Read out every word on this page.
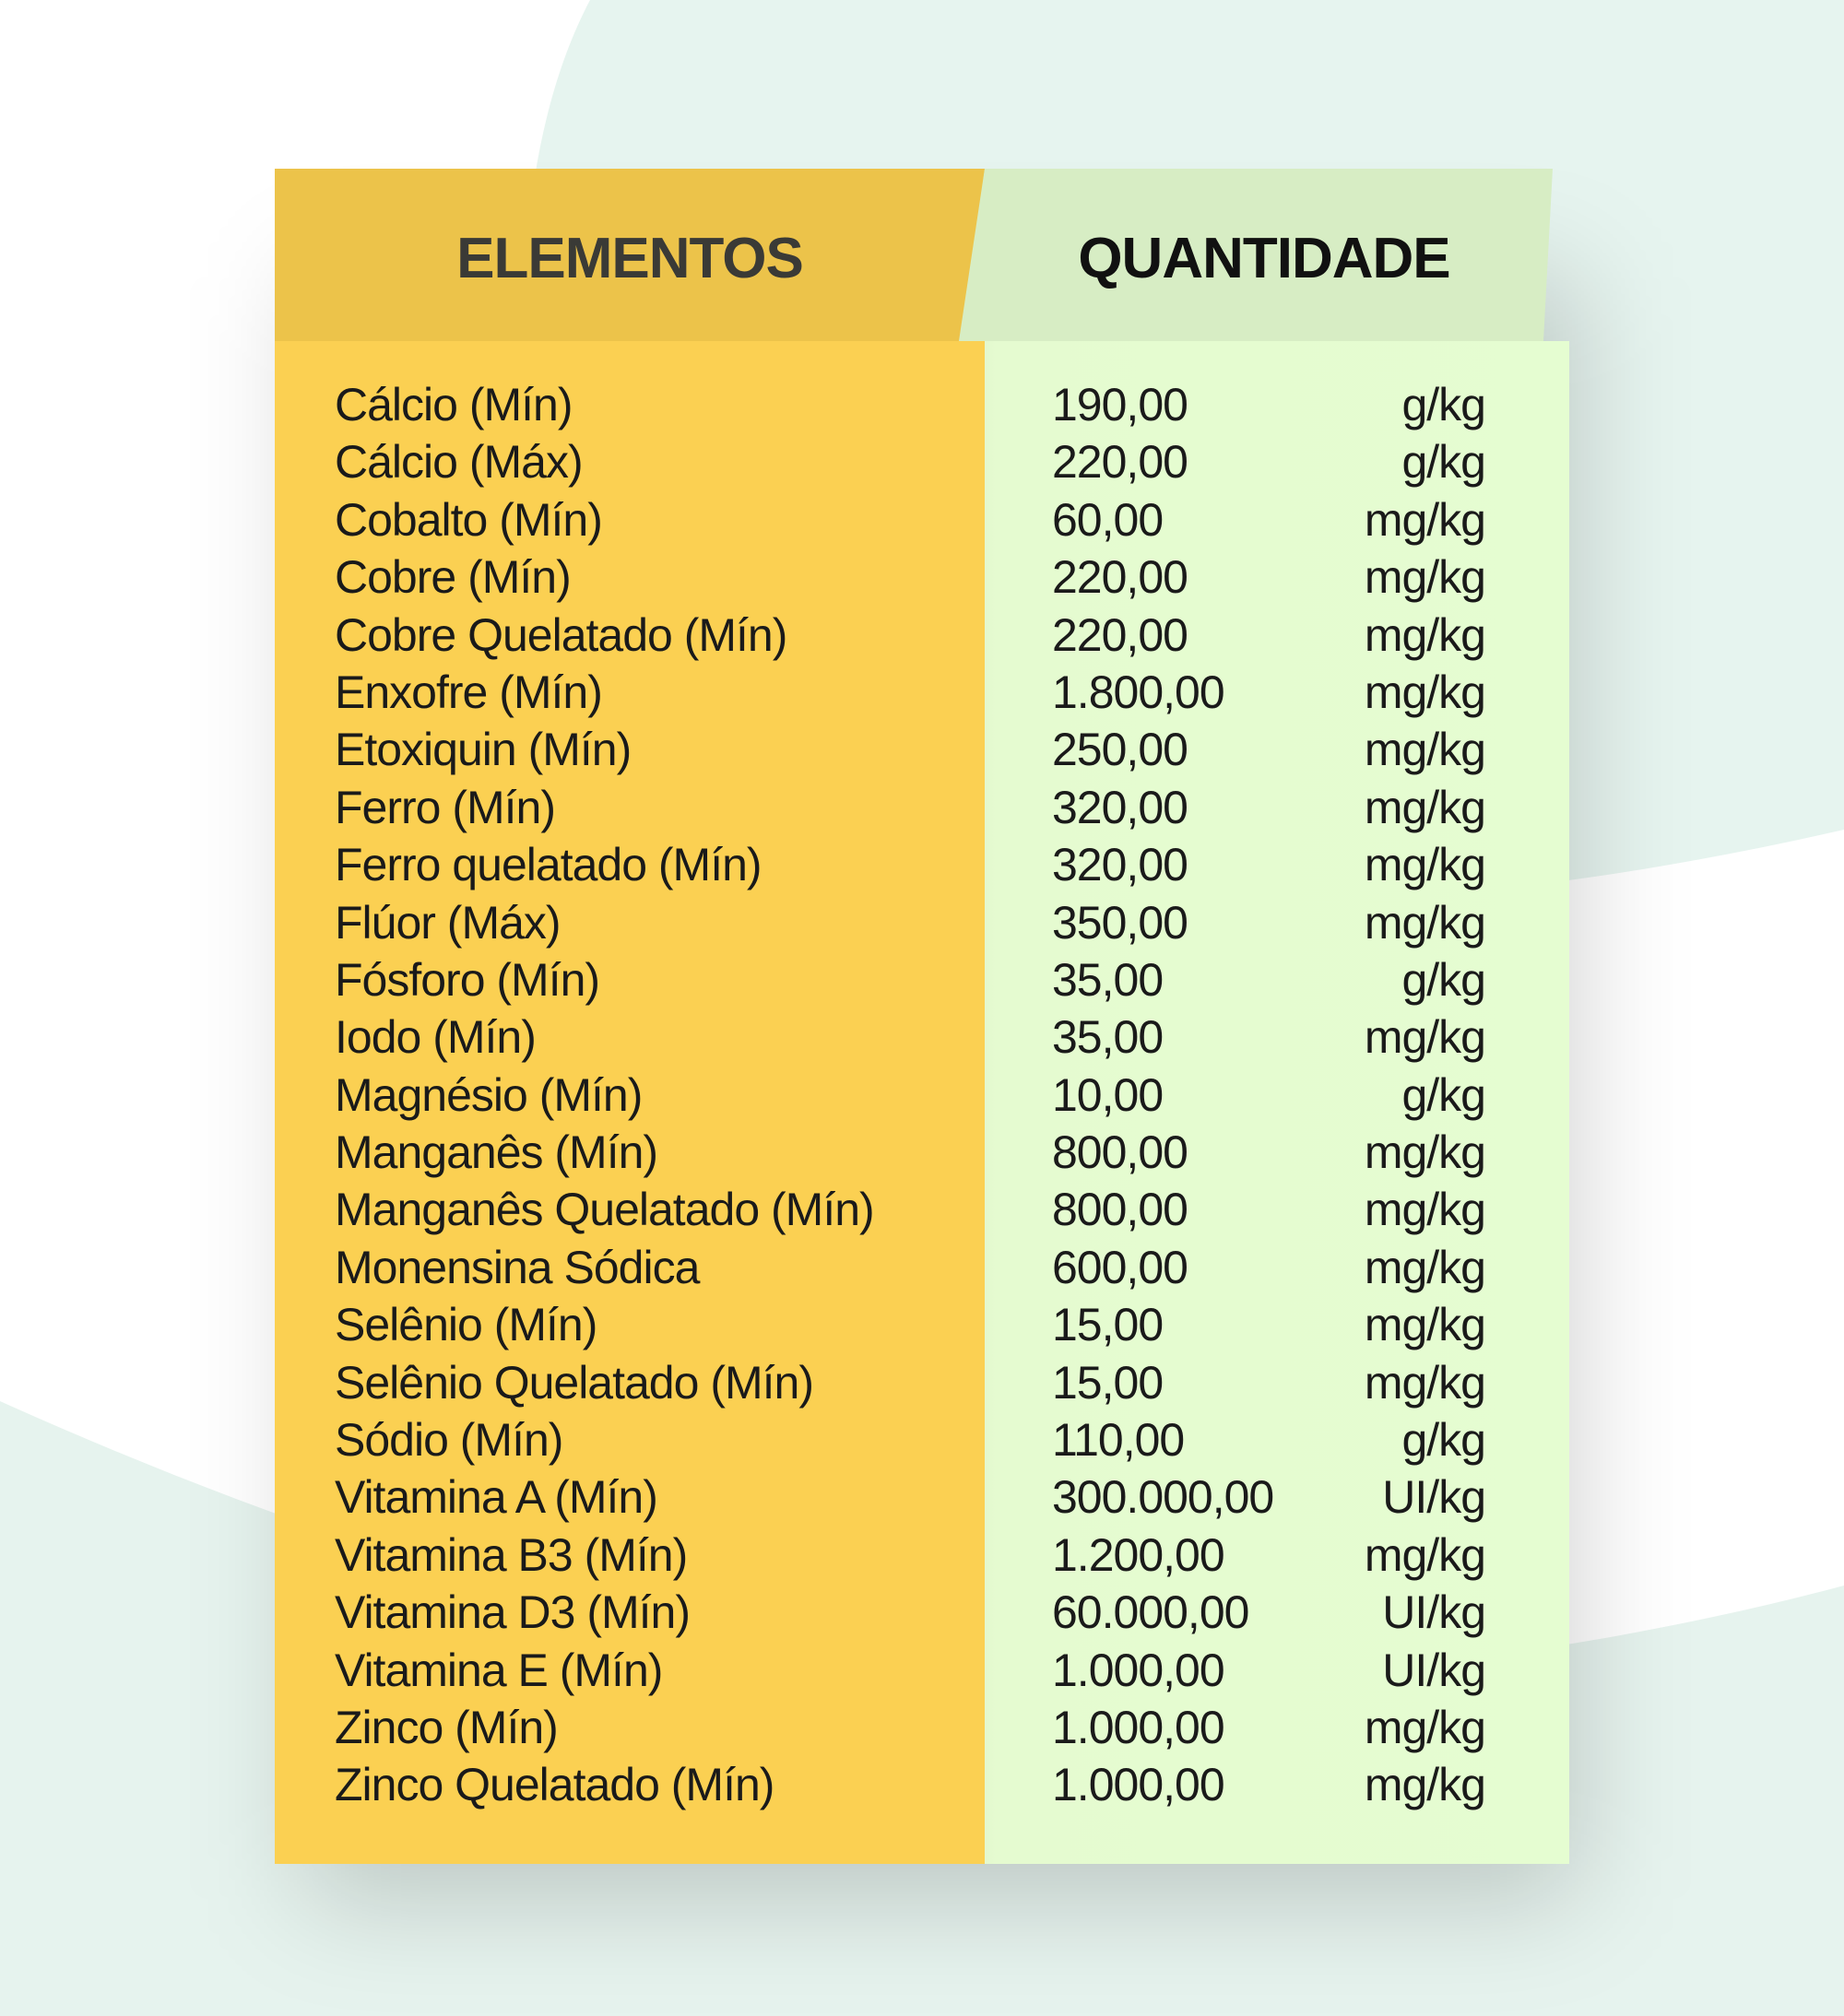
ELEMENTOS	QUANTIDADE
Cálcio (Mín)	190,00	g/kg
Cálcio (Máx)	220,00	g/kg
Cobalto (Mín)	60,00	mg/kg
Cobre (Mín)	220,00	mg/kg
Cobre Quelatado (Mín)	220,00	mg/kg
Enxofre (Mín)	1.800,00	mg/kg
Etoxiquin (Mín)	250,00	mg/kg
Ferro (Mín)	320,00	mg/kg
Ferro quelatado (Mín)	320,00	mg/kg
Flúor (Máx)	350,00	mg/kg
Fósforo (Mín)	35,00	g/kg
Iodo (Mín)	35,00	mg/kg
Magnésio (Mín)	10,00	g/kg
Manganês (Mín)	800,00	mg/kg
Manganês Quelatado (Mín)	800,00	mg/kg
Monensina Sódica	600,00	mg/kg
Selênio (Mín)	15,00	mg/kg
Selênio Quelatado (Mín)	15,00	mg/kg
Sódio (Mín)	110,00	g/kg
Vitamina A (Mín)	300.000,00 UI/kg
Vitamina B3 (Mín)	1.200,00	mg/kg
Vitamina D3 (Mín)	60.000,00	UI/kg
Vitamina E (Mín)	1.000,00	UI/kg
Zinco (Mín)	1.000,00	mg/kg
Zinco Quelatado (Mín)	1.000,00	mg/kg
